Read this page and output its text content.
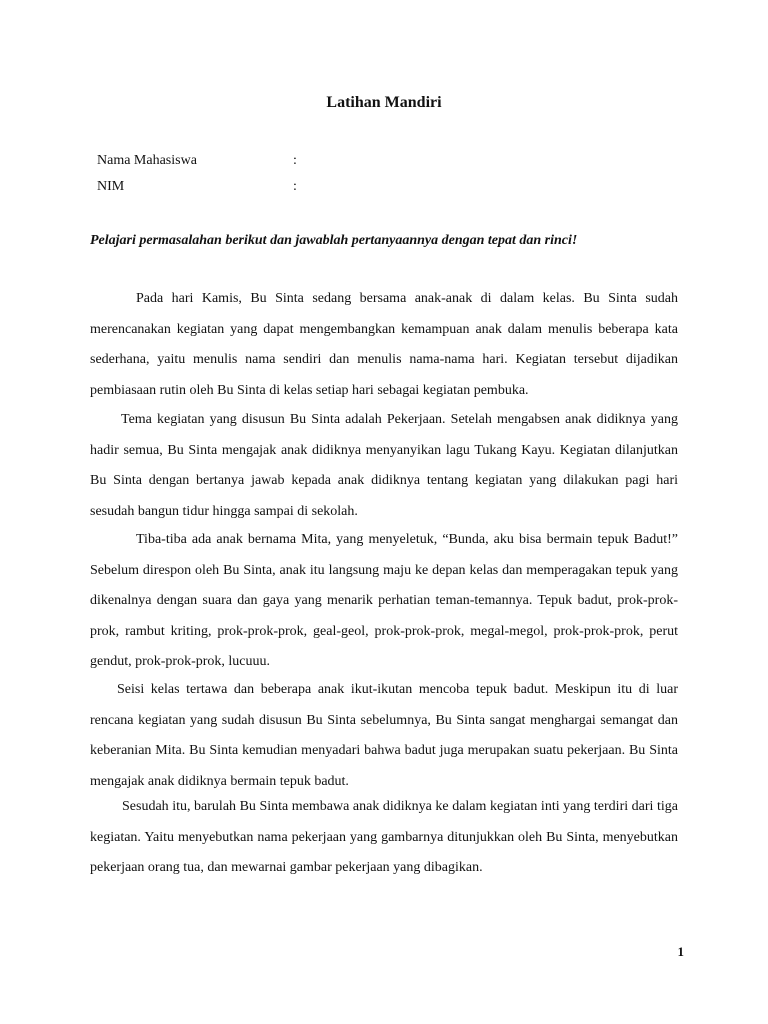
Latihan Mandiri
Nama Mahasiswa	:
NIM	:
Pelajari permasalahan berikut dan jawablah pertanyaannya dengan tepat dan rinci!

Pada hari Kamis, Bu Sinta sedang bersama anak-anak di dalam kelas. Bu Sinta sudah merencanakan kegiatan yang dapat mengembangkan kemampuan anak dalam menulis beberapa kata sederhana, yaitu menulis nama sendiri dan menulis nama-nama hari. Kegiatan tersebut dijadikan pembiasaan rutin oleh Bu Sinta di kelas setiap hari sebagai kegiatan pembuka.

Tema kegiatan yang disusun Bu Sinta adalah Pekerjaan. Setelah mengabsen anak didiknya yang hadir semua, Bu Sinta mengajak anak didiknya menyanyikan lagu Tukang Kayu. Kegiatan dilanjutkan Bu Sinta dengan bertanya jawab kepada anak didiknya tentang kegiatan yang dilakukan pagi hari sesudah bangun tidur hingga sampai di sekolah.

Tiba-tiba ada anak bernama Mita, yang menyeletuk, “Bunda, aku bisa bermain tepuk Badut!” Sebelum direspon oleh Bu Sinta, anak itu langsung maju ke depan kelas dan memperagakan tepuk yang dikenalnya dengan suara dan gaya yang menarik perhatian teman-temannya. Tepuk badut, prok-prok-prok, rambut kriting, prok-prok-prok, geal-geol, prok-prok-prok, megal-megol, prok-prok-prok, perut gendut, prok-prok-prok, lucuuu.

Seisi kelas tertawa dan beberapa anak ikut-ikutan mencoba tepuk badut. Meskipun itu di luar rencana kegiatan yang sudah disusun Bu Sinta sebelumnya, Bu Sinta sangat menghargai semangat dan keberanian Mita. Bu Sinta kemudian menyadari bahwa badut juga merupakan suatu pekerjaan. Bu Sinta mengajak anak didiknya bermain tepuk badut.

Sesudah itu, barulah Bu Sinta membawa anak didiknya ke dalam kegiatan inti yang terdiri dari tiga kegiatan. Yaitu menyebutkan nama pekerjaan yang gambarnya ditunjukkan oleh Bu Sinta, menyebutkan pekerjaan orang tua, dan mewarnai gambar pekerjaan yang dibagikan.

1
